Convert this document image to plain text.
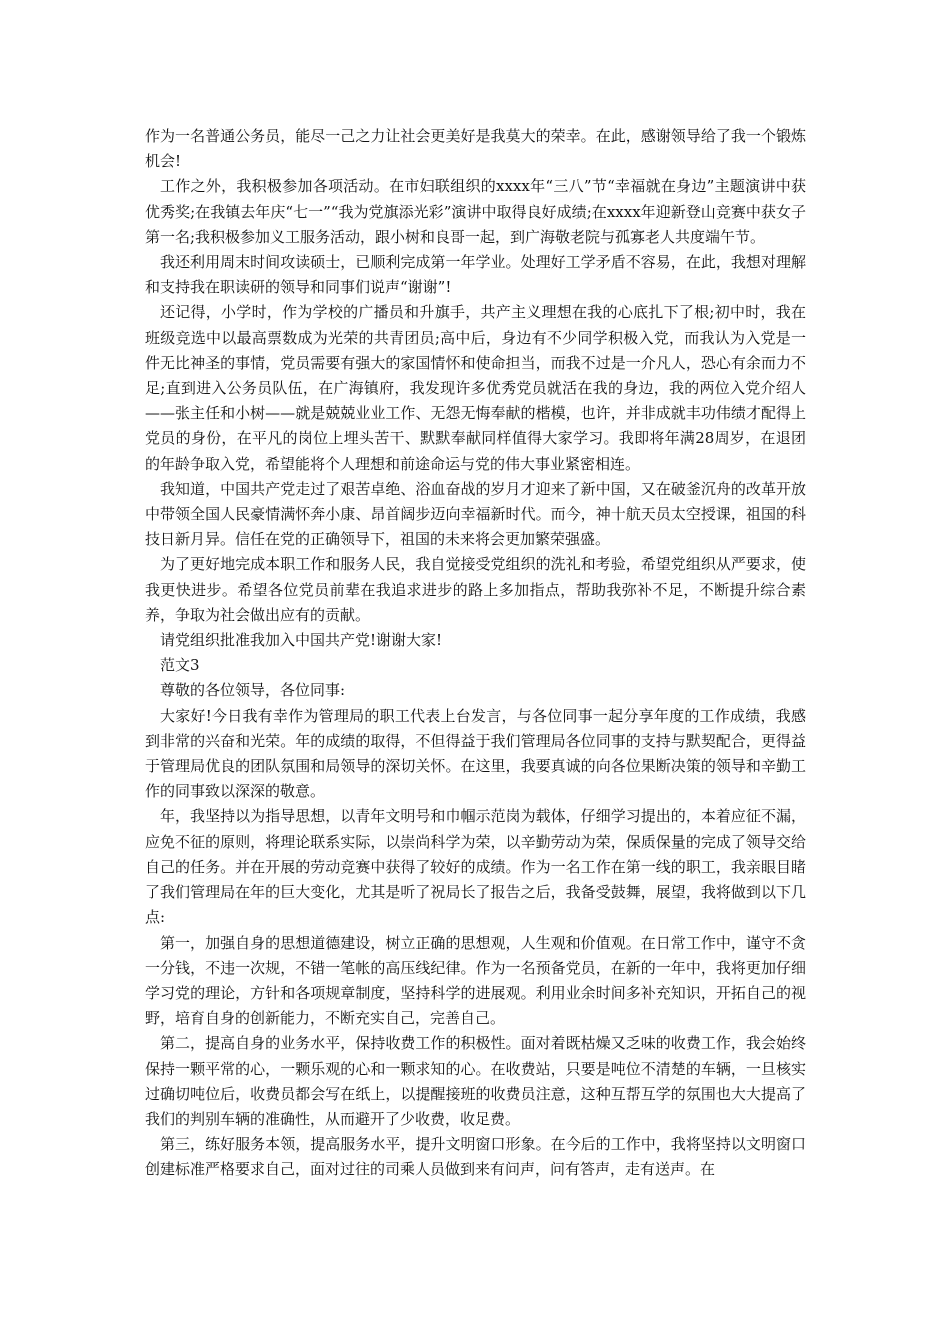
作为一名普通公务员，能尽一己之力让社会更美好是我莫大的荣幸。在此，感谢领导给了我一个锻炼机会!

工作之外，我积极参加各项活动。在市妇联组织的xxxx年“三八”节“幸福就在身边”主题演讲中获优秀奖;在我镇去年庆“七一”“我为党旗添光彩”演讲中取得良好成绩;在xxxx年迎新登山竞赛中获女子第一名;我积极参加义工服务活动，跟小树和良哥一起，到广海敬老院与孤寡老人共度端午节。

我还利用周末时间攻读硕士，已顺利完成第一年学业。处理好工学矛盾不容易，在此，我想对理解和支持我在职读研的领导和同事们说声“谢谢”!

还记得，小学时，作为学校的广播员和升旗手，共产主义理想在我的心底扎下了根;初中时，我在班级竞选中以最高票数成为光荣的共青团员;高中后，身边有不少同学积极入党，而我认为入党是一件无比神圣的事情，党员需要有强大的家国情怀和使命担当，而我不过是一介凡人，恐心有余而力不足;直到进入公务员队伍，在广海镇府，我发现许多优秀党员就活在我的身边，我的两位入党介绍人——张主任和小树——就是兢兢业业工作、无怨无悔奉献的楷模，也许，并非成就丰功伟绩才配得上党员的身份，在平凡的岗位上埋头苦干、默默奉献同样值得大家学习。我即将年满28周岁，在退团的年龄争取入党，希望能将个人理想和前途命运与党的伟大事业紧密相连。

我知道，中国共产党走过了艰苦卓绝、浴血奋战的岁月才迎来了新中国，又在破釜沉舟的改革开放中带领全国人民豪情满怀奔小康、昂首阔步迈向幸福新时代。而今，神十航天员太空授课，祖国的科技日新月异。信任在党的正确领导下，祖国的未来将会更加繁荣强盛。

为了更好地完成本职工作和服务人民，我自觉接受党组织的洗礼和考验，希望党组织从严要求，使我更快进步。希望各位党员前辈在我追求进步的路上多加指点，帮助我弥补不足，不断提升综合素养，争取为社会做出应有的贡献。

请党组织批准我加入中国共产党!谢谢大家!

范文3

尊敬的各位领导，各位同事:

大家好!今日我有幸作为管理局的职工代表上台发言，与各位同事一起分享年度的工作成绩，我感到非常的兴奋和光荣。年的成绩的取得，不但得益于我们管理局各位同事的支持与默契配合，更得益于管理局优良的团队氛围和局领导的深切关怀。在这里，我要真诚的向各位果断决策的领导和辛勤工作的同事致以深深的敬意。

年，我坚持以为指导思想，以青年文明号和巾帼示范岗为载体，仔细学习提出的，本着应征不漏，应免不征的原则，将理论联系实际，以崇尚科学为荣，以辛勤劳动为荣，保质保量的完成了领导交给自己的任务。并在开展的劳动竞赛中获得了较好的成绩。作为一名工作在第一线的职工，我亲眼目睹了我们管理局在年的巨大变化，尤其是听了祝局长了报告之后，我备受鼓舞，展望，我将做到以下几点:

第一，加强自身的思想道德建设，树立正确的思想观，人生观和价值观。在日常工作中，谨守不贪一分钱，不违一次规，不错一笔帐的高压线纪律。作为一名预备党员，在新的一年中，我将更加仔细学习党的理论，方针和各项规章制度，坚持科学的进展观。利用业余时间多补充知识，开拓自己的视野，培育自身的创新能力，不断充实自己，完善自己。

第二，提高自身的业务水平，保持收费工作的积极性。面对着既枯燥又乏味的收费工作，我会始终保持一颗平常的心，一颗乐观的心和一颗求知的心。在收费站，只要是吨位不清楚的车辆，一旦核实过确切吨位后，收费员都会写在纸上，以提醒接班的收费员注意，这种互帮互学的氛围也大大提高了我们的判别车辆的准确性，从而避开了少收费，收足费。

第三，练好服务本领，提高服务水平，提升文明窗口形象。在今后的工作中，我将坚持以文明窗口创建标准严格要求自己，面对过往的司乘人员做到来有问声，问有答声，走有送声。在
